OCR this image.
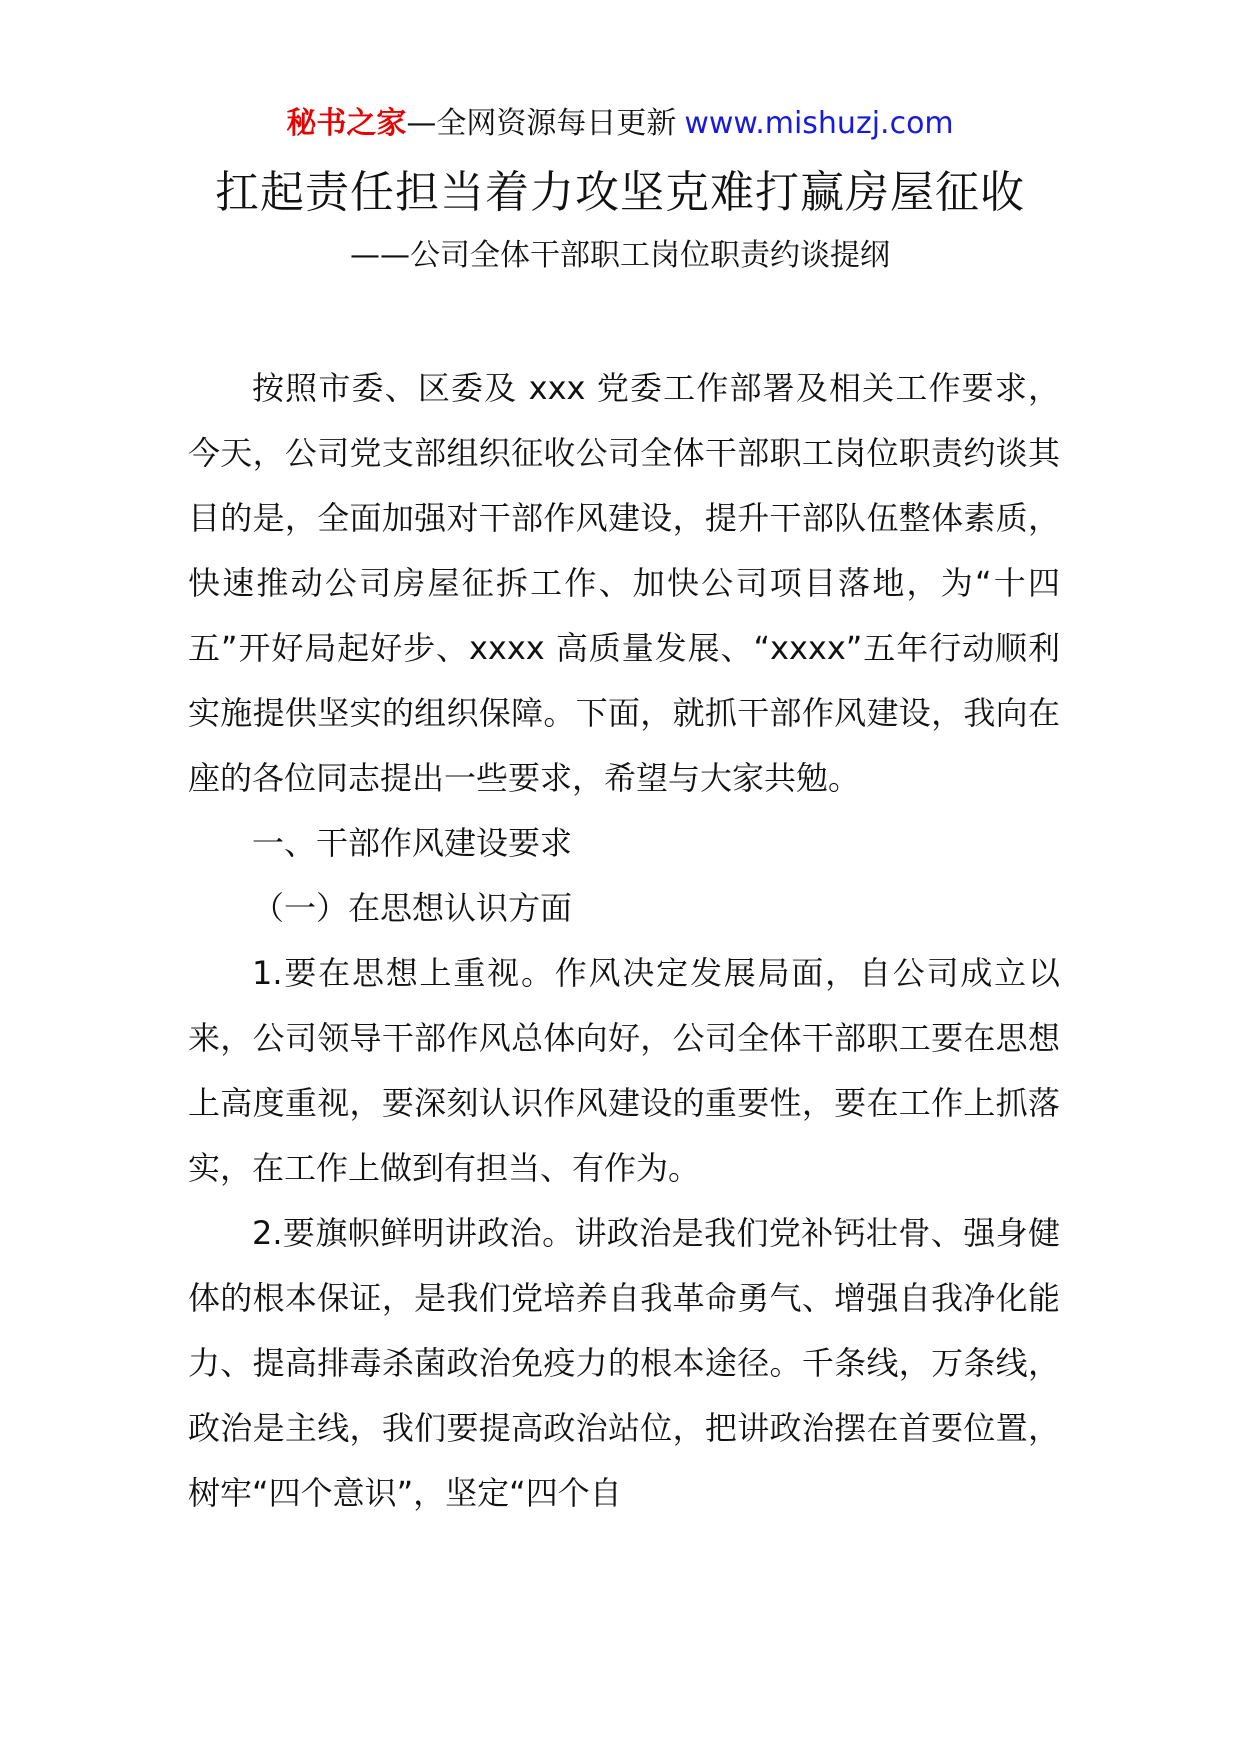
秘书之家—全网资源每日更新 www.mishuzj.com
扛起责任担当着力攻坚克难打赢房屋征收
——公司全体干部职工岗位职责约谈提纲

按照市委、区委及 xxx 党委工作部署及相关工作要求，今天，公司党支部组织征收公司全体干部职工岗位职责约谈其目的是，全面加强对干部作风建设，提升干部队伍整体素质，快速推动公司房屋征拆工作、加快公司项目落地，为“十四五”开好局起好步、xxxx 高质量发展、“xxxx”五年行动顺利实施提供坚实的组织保障。下面，就抓干部作风建设，我向在座的各位同志提出一些要求，希望与大家共勉。

一、干部作风建设要求

（一）在思想认识方面

1.要在思想上重视。作风决定发展局面，自公司成立以来，公司领导干部作风总体向好，公司全体干部职工要在思想上高度重视，要深刻认识作风建设的重要性，要在工作上抓落实，在工作上做到有担当、有作为。

2.要旗帜鲜明讲政治。讲政治是我们党补钙壮骨、强身健体的根本保证，是我们党培养自我革命勇气、增强自我净化能力、提高排毒杀菌政治免疫力的根本途径。千条线，万条线，政治是主线，我们要提高政治站位，把讲政治摆在首要位置，树牢“四个意识”，坚定“四个自
